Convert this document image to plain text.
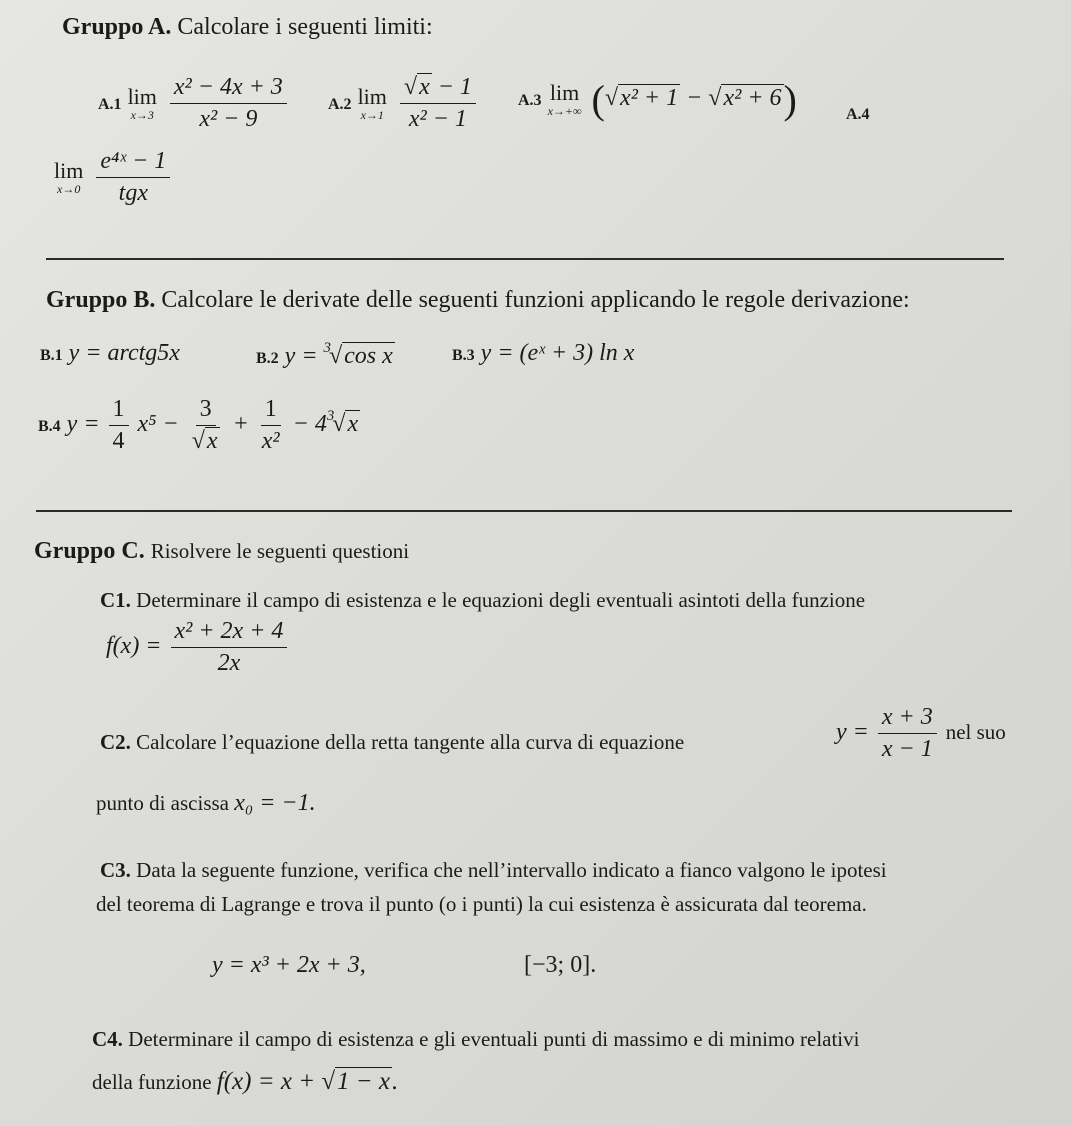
Gruppo A. Calcolare i seguenti limiti:
A.1 lim
x→3
$\frac{\text{x² − 4x + 3}}{\text{x² − 9}}$	A.2 lim
x→1
$\frac{√x - 1}{\text{x² − 1}}$	A.3 lim
x→+∞ (√x² + 1 − √x² + 6)	A.4
lim
x→0
$\frac{\text{e⁴ˣ − 1}}{\text{tgx}}$
Gruppo B. Calcolare le derivate delle seguenti funzioni applicando le regole derivazione:
B.1 y = arctg5x	B.2 y = $^3$√cos x	B.3 y = (eˣ + 3) ln x
B.4 $y = \frac{1}{4} x^5 - \frac{3}{√x} + \frac{1}{\text{x²}} - 4^3√x$
Gruppo C. Risolvere le seguenti questioni
C1. Determinare il campo di esistenza e le equazioni degli eventuali asintoti della funzione
$f(x) = \frac{\text{x² + 2x + 4}}{2x}$
C2. Calcolare l’equazione della retta tangente alla curva di equazione	$y = \frac{x + 3}{x - 1}$ nel suo
punto di ascissa x₀ = −1.
C3. Data la seguente funzione, verifica che nell’intervallo indicato a fianco valgono le ipotesi
del teorema di Lagrange e trova il punto (o i punti) la cui esistenza è assicurata dal teorema.
y = x³ + 2x + 3,	[−3; 0].
C4. Determinare il campo di esistenza e gli eventuali punti di massimo e di minimo relativi
della funzione f(x) = x + √1 − x.
